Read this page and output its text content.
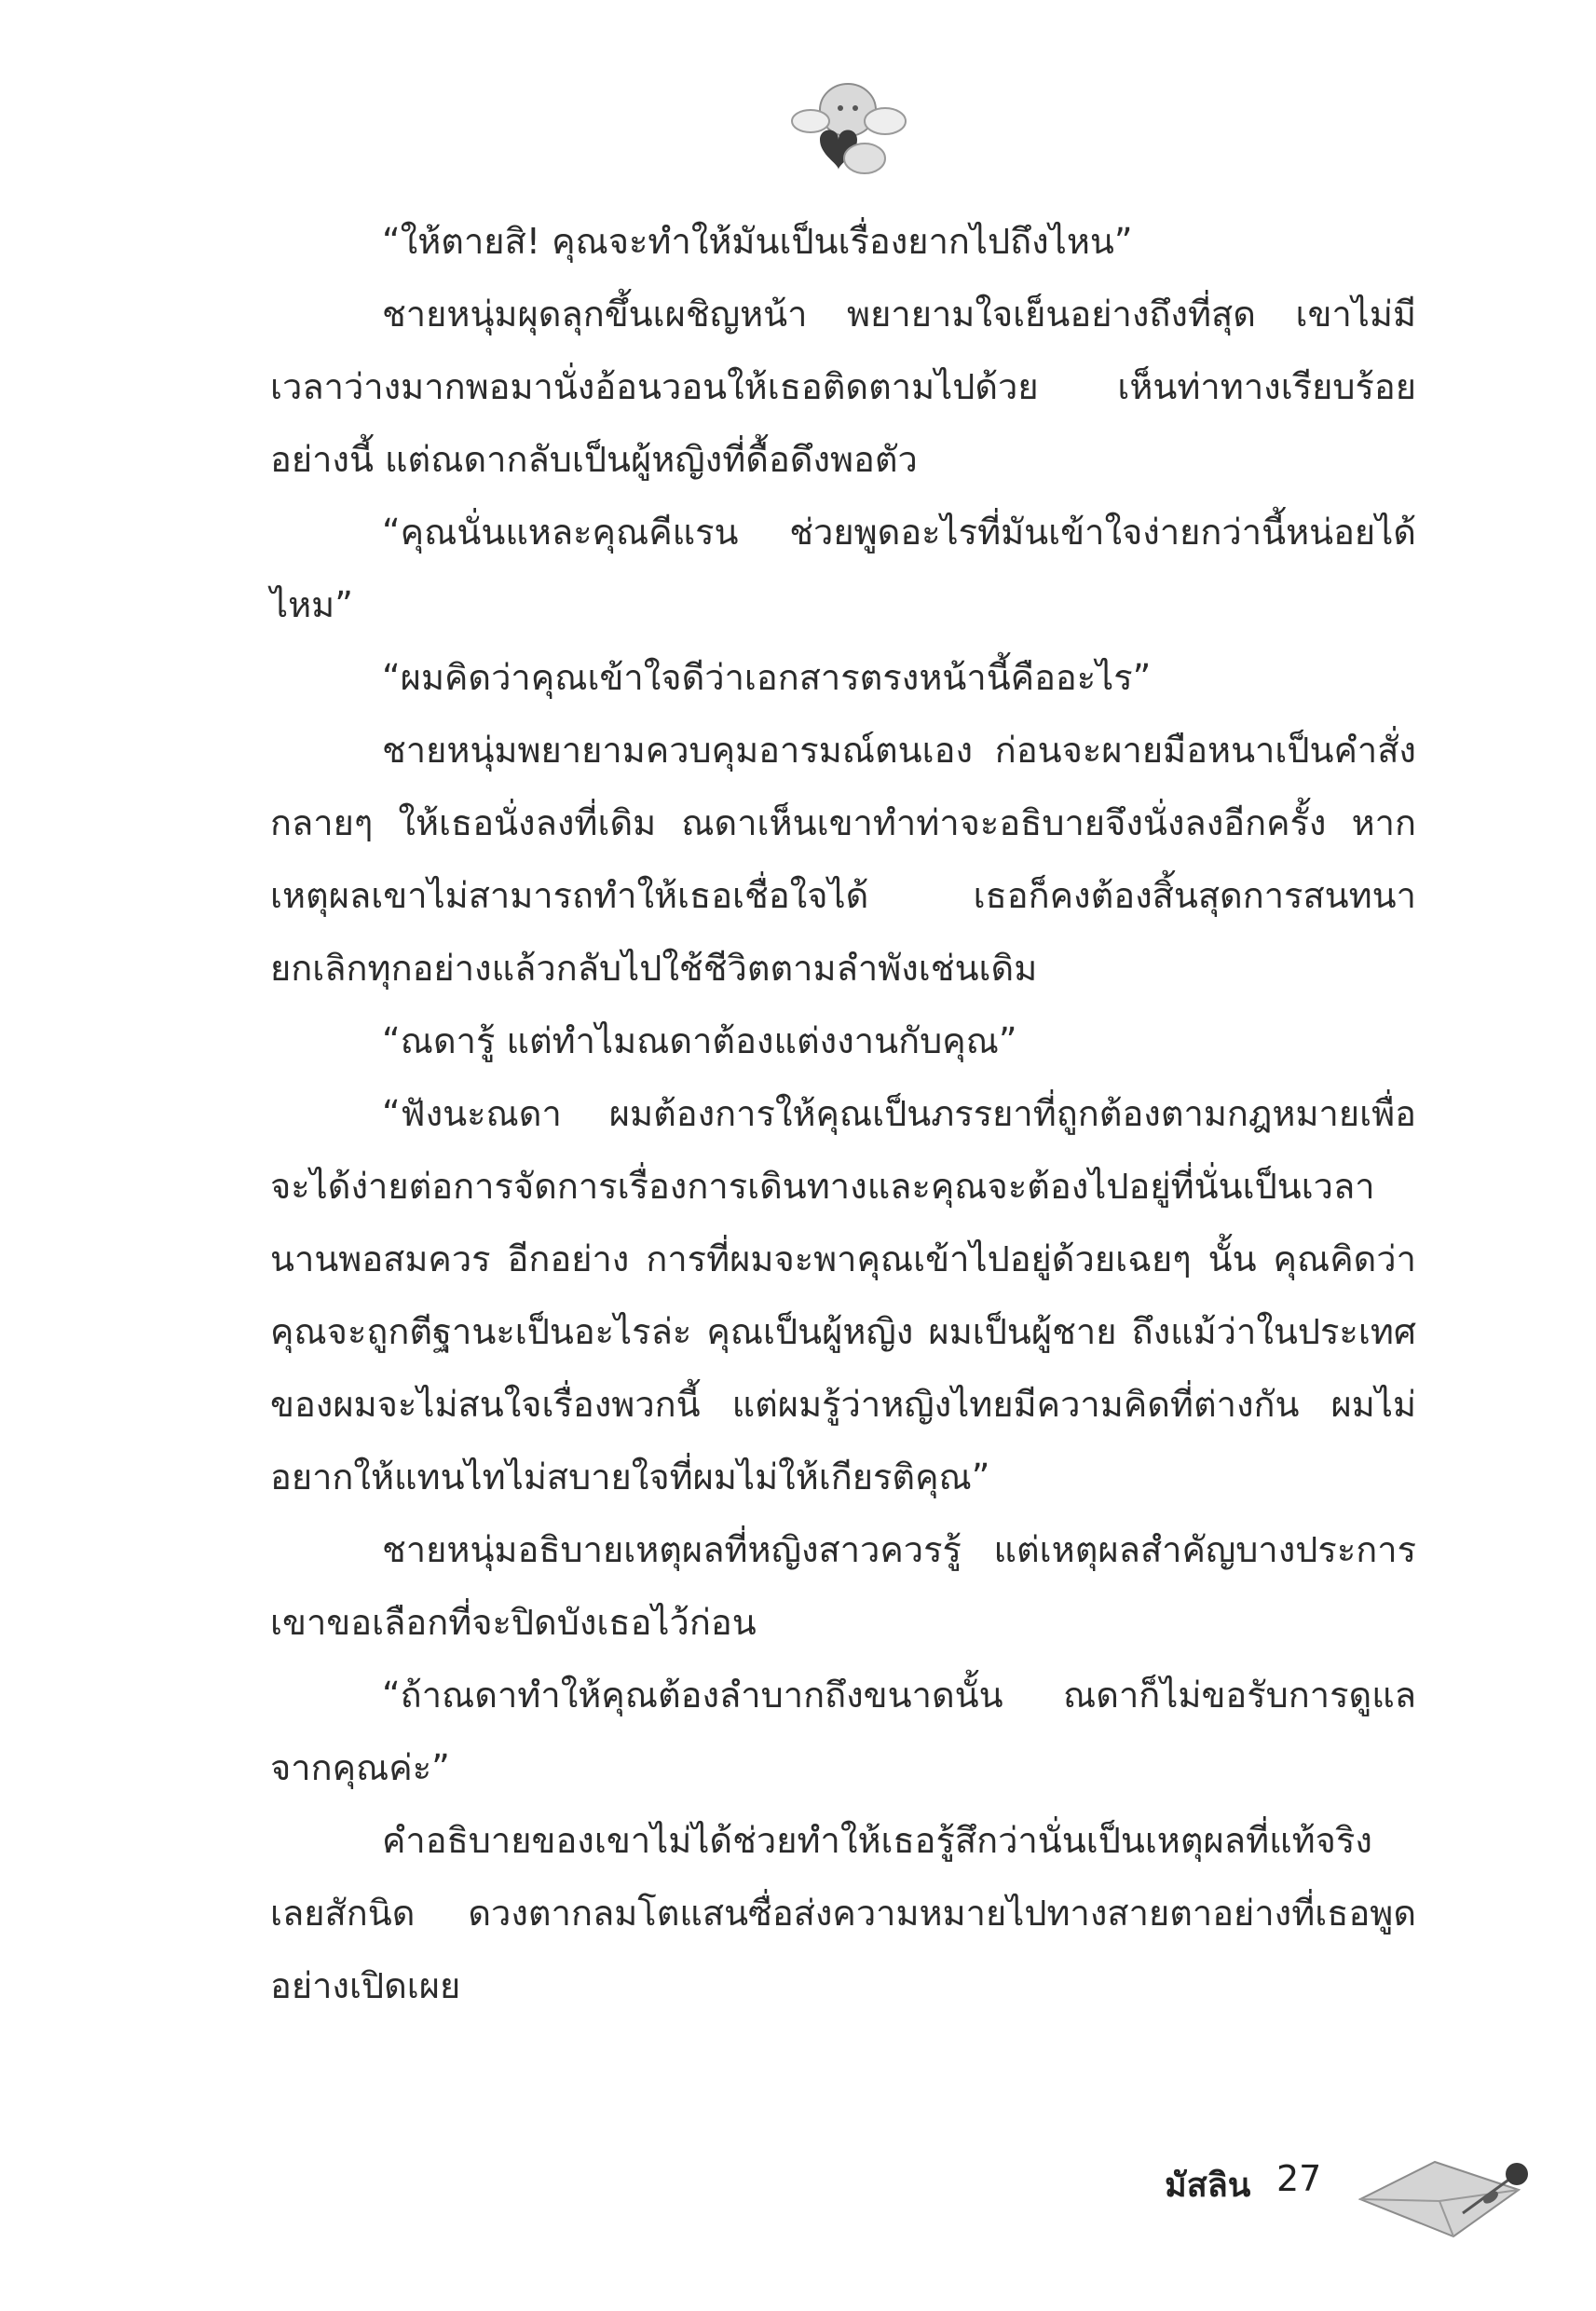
“ให้ตายสิ! คุณจะทำให้มันเป็นเรื่องยากไปถึงไหน”

ชายหนุ่มผุดลุกขึ้นเผชิญหน้า พยายามใจเย็นอย่างถึงที่สุด เขาไม่มีเวลาว่างมากพอมานั่งอ้อนวอนให้เธอติดตามไปด้วย เห็นท่าทางเรียบร้อยอย่างนี้ แต่ณดากลับเป็นผู้หญิงที่ดื้อดึงพอตัว

“คุณนั่นแหละคุณคีแรน ช่วยพูดอะไรที่มันเข้าใจง่ายกว่านี้หน่อยได้ไหม”

“ผมคิดว่าคุณเข้าใจดีว่าเอกสารตรงหน้านี้คืออะไร”

ชายหนุ่มพยายามควบคุมอารมณ์ตนเอง ก่อนจะผายมือหนาเป็นคำสั่งกลายๆ ให้เธอนั่งลงที่เดิม ณดาเห็นเขาทำท่าจะอธิบายจึงนั่งลงอีกครั้ง หากเหตุผลเขาไม่สามารถทำให้เธอเชื่อใจได้ เธอก็คงต้องสิ้นสุดการสนทนา ยกเลิกทุกอย่างแล้วกลับไปใช้ชีวิตตามลำพังเช่นเดิม

“ณดารู้ แต่ทำไมณดาต้องแต่งงานกับคุณ”

“ฟังนะณดา ผมต้องการให้คุณเป็นภรรยาที่ถูกต้องตามกฎหมายเพื่อจะได้ง่ายต่อการจัดการเรื่องการเดินทางและคุณจะต้องไปอยู่ที่นั่นเป็นเวลานานพอสมควร อีกอย่าง การที่ผมจะพาคุณเข้าไปอยู่ด้วยเฉยๆ นั้น คุณคิดว่าคุณจะถูกตีฐานะเป็นอะไรล่ะ คุณเป็นผู้หญิง ผมเป็นผู้ชาย ถึงแม้ว่าในประเทศของผมจะไม่สนใจเรื่องพวกนี้ แต่ผมรู้ว่าหญิงไทยมีความคิดที่ต่างกัน ผมไม่อยากให้แทนไทไม่สบายใจที่ผมไม่ให้เกียรติคุณ”

ชายหนุ่มอธิบายเหตุผลที่หญิงสาวควรรู้ แต่เหตุผลสำคัญบางประการ เขาขอเลือกที่จะปิดบังเธอไว้ก่อน

“ถ้าณดาทำให้คุณต้องลำบากถึงขนาดนั้น ณดาก็ไม่ขอรับการดูแลจากคุณค่ะ”

คำอธิบายของเขาไม่ได้ช่วยทำให้เธอรู้สึกว่านั่นเป็นเหตุผลที่แท้จริงเลยสักนิด ดวงตากลมโตแสนซื่อส่งความหมายไปทางสายตาอย่างที่เธอพูดอย่างเปิดเผย

มัสลิน 27
